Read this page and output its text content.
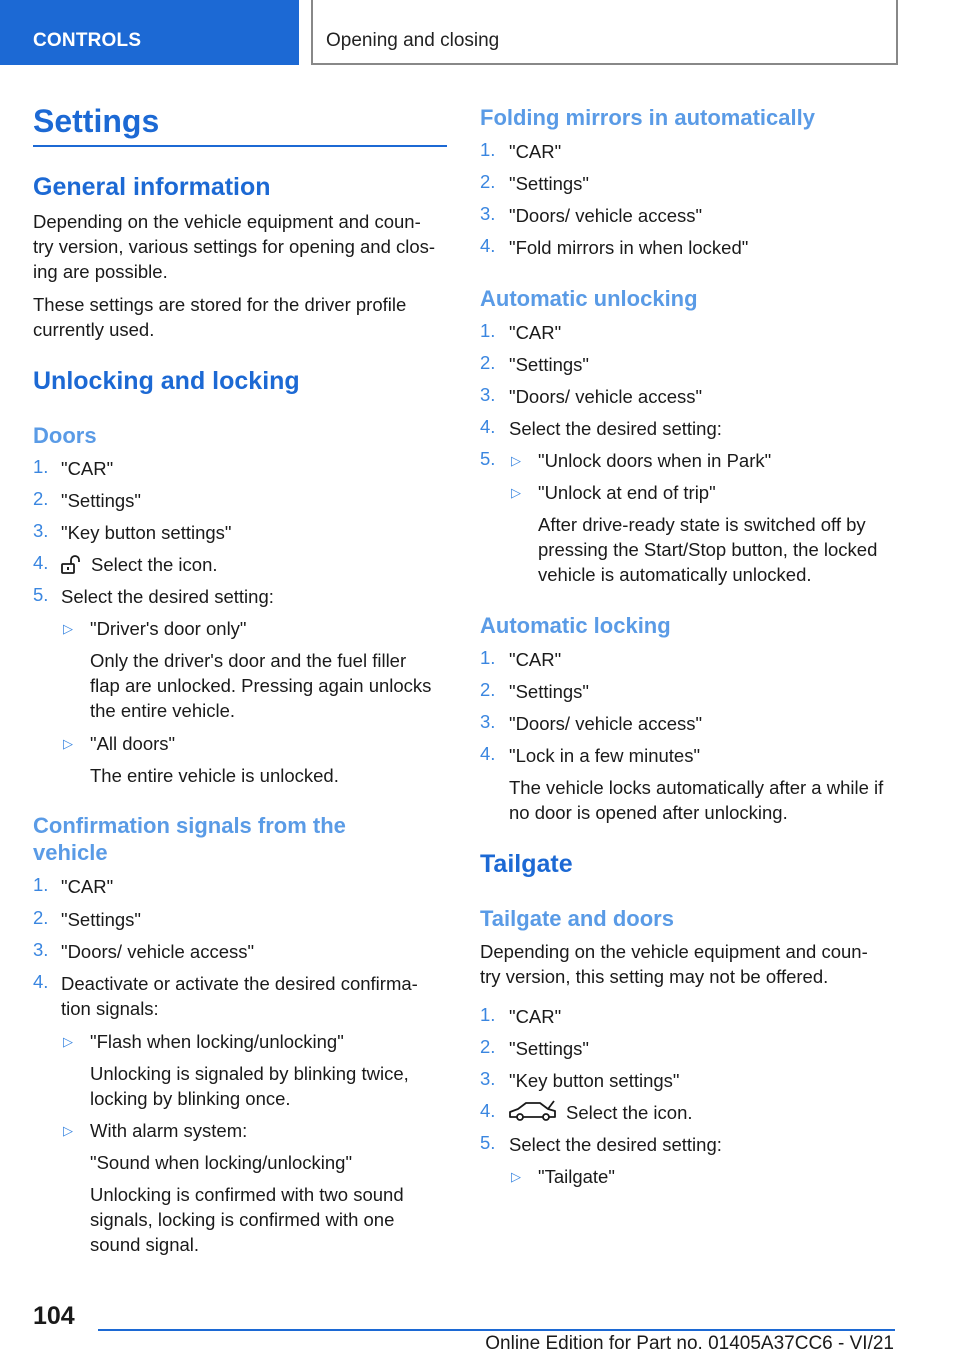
CONTROLS	Opening and closing
Settings
General information
Depending on the vehicle equipment and coun-
try version, various settings for opening and clos-
ing are possible.
These settings are stored for the driver profile
currently used.
Unlocking and locking
Doors
1. "CAR"
2. "Settings"
3. "Key button settings"
4. Select the icon.
5. Select the desired setting:
▷ "Driver's door only"
Only the driver's door and the fuel filler
flap are unlocked. Pressing again unlocks
the entire vehicle.
▷ "All doors"
The entire vehicle is unlocked.
Confirmation signals from the
vehicle
1. "CAR"
2. "Settings"
3. "Doors/ vehicle access"
4. Deactivate or activate the desired confirma-
tion signals:
▷ "Flash when locking/unlocking"
Unlocking is signaled by blinking twice,
locking by blinking once.
▷ With alarm system:
"Sound when locking/unlocking"
Unlocking is confirmed with two sound
signals, locking is confirmed with one
sound signal.
Folding mirrors in automatically
1. "CAR"
2. "Settings"
3. "Doors/ vehicle access"
4. "Fold mirrors in when locked"
Automatic unlocking
1. "CAR"
2. "Settings"
3. "Doors/ vehicle access"
4. Select the desired setting:
5. ▷ "Unlock doors when in Park"
▷ "Unlock at end of trip"
After drive-ready state is switched off by
pressing the Start/Stop button, the locked
vehicle is automatically unlocked.
Automatic locking
1. "CAR"
2. "Settings"
3. "Doors/ vehicle access"
4. "Lock in a few minutes"
The vehicle locks automatically after a while if
no door is opened after unlocking.
Tailgate
Tailgate and doors
Depending on the vehicle equipment and coun-
try version, this setting may not be offered.
1. "CAR"
2. "Settings"
3. "Key button settings"
4.	Select the icon.
5. Select the desired setting:
▷ "Tailgate"
104
Online Edition for Part no. 01405A37CC6 - VI/21
